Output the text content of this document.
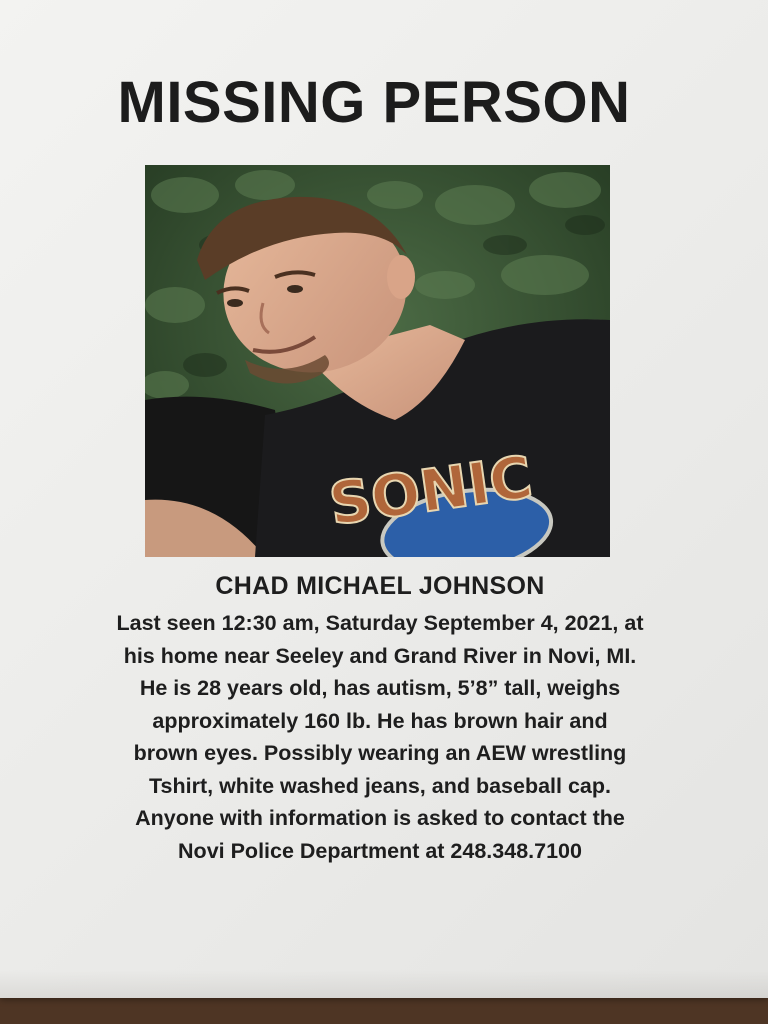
MISSING PERSON
SONIC
CHAD MICHAEL JOHNSON
Last seen 12:30 am, Saturday September 4, 2021, at
his home near Seeley and Grand River in Novi, MI.
He is 28 years old, has autism, 5’8” tall, weighs
approximately 160 lb. He has brown hair and
brown eyes. Possibly wearing an AEW wrestling
Tshirt, white washed jeans, and baseball cap.
Anyone with information is asked to contact the
Novi Police Department at 248.348.7100
